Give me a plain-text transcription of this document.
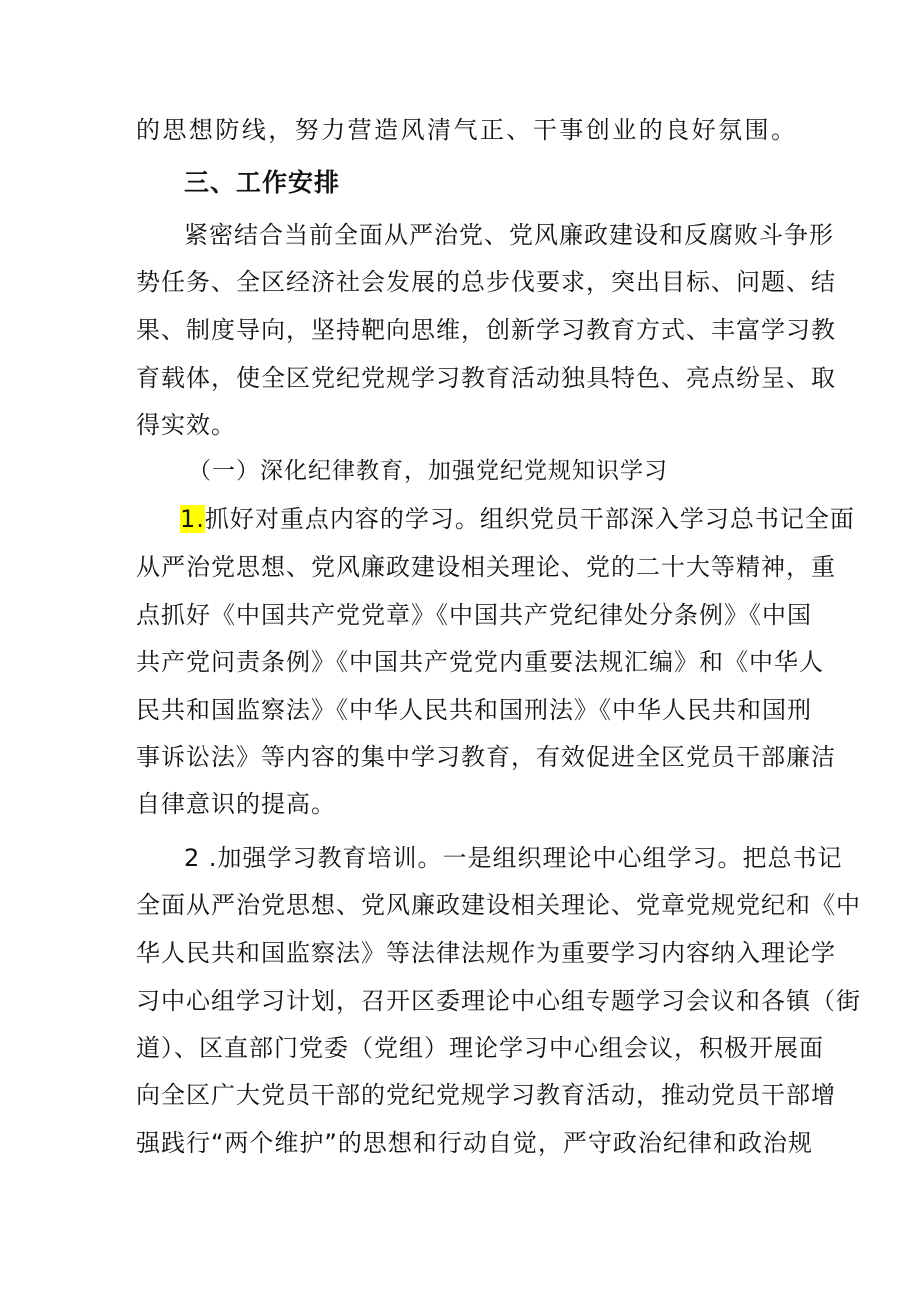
的思想防线，努力营造风清气正、干事创业的良好氛围。
三、工作安排
紧密结合当前全面从严治党、党风廉政建设和反腐败斗争形
势任务、全区经济社会发展的总步伐要求，突出目标、问题、结
果、制度导向，坚持靶向思维，创新学习教育方式、丰富学习教
育载体，使全区党纪党规学习教育活动独具特色、亮点纷呈、取
得实效。
（一）深化纪律教育，加强党纪党规知识学习
1.抓好对重点内容的学习。组织党员干部深入学习总书记全面
从严治党思想、党风廉政建设相关理论、党的二十大等精神，重
点抓好《中国共产党党章》《中国共产党纪律处分条例》《中国
共产党问责条例》《中国共产党党内重要法规汇编》和《中华人
民共和国监察法》《中华人民共和国刑法》《中华人民共和国刑
事诉讼法》等内容的集中学习教育，有效促进全区党员干部廉洁
自律意识的提高。
2 .加强学习教育培训。一是组织理论中心组学习。把总书记
全面从严治党思想、党风廉政建设相关理论、党章党规党纪和《中
华人民共和国监察法》等法律法规作为重要学习内容纳入理论学
习中心组学习计划，召开区委理论中心组专题学习会议和各镇（街
道）、区直部门党委（党组）理论学习中心组会议，积极开展面
向全区广大党员干部的党纪党规学习教育活动，推动党员干部增
强践行“两个维护”的思想和行动自觉，严守政治纪律和政治规
